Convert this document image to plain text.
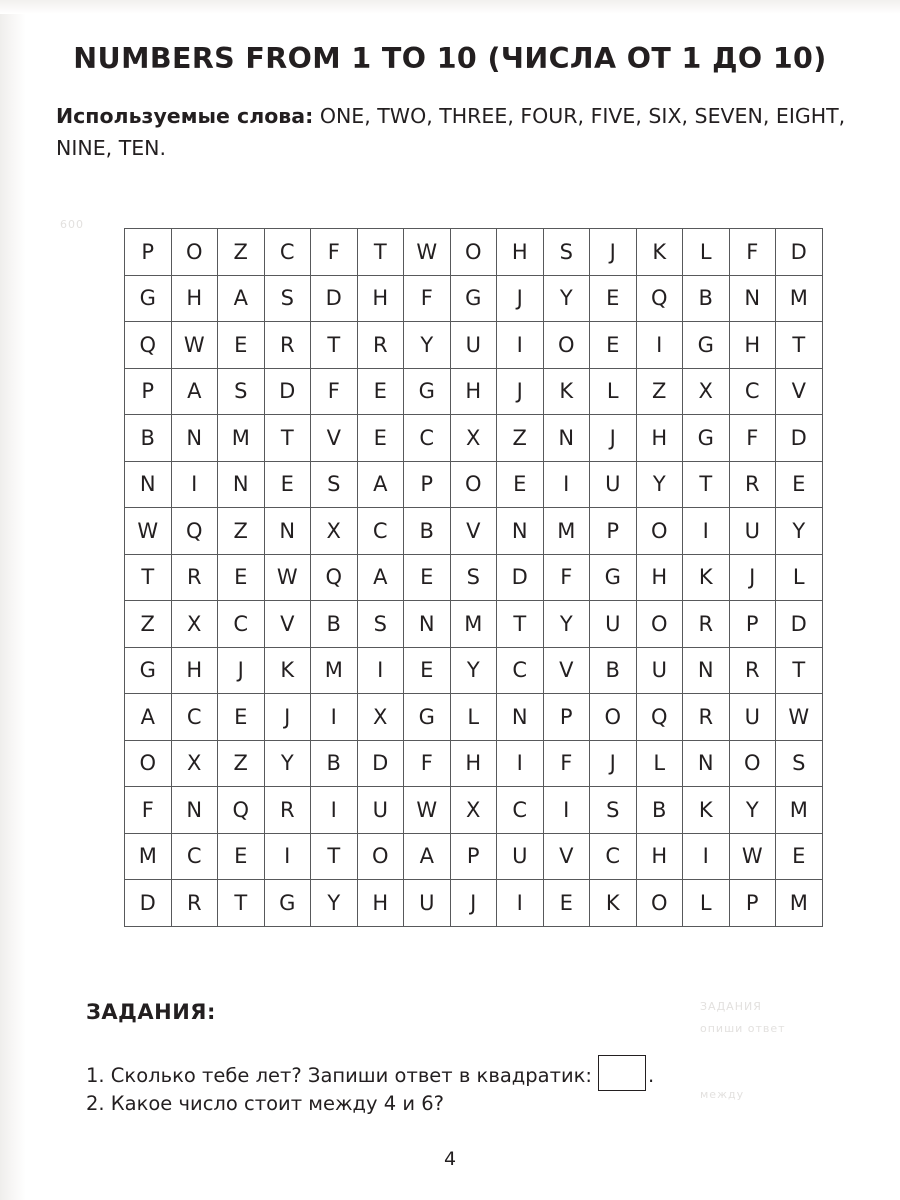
NUMBERS FROM 1 TO 10 (ЧИСЛА ОТ 1 ДО 10)
Используемые слова: ONE, TWO, THREE, FOUR, FIVE, SIX, SEVEN, EIGHT, NINE, TEN.
600
ЗАДАНИЯ
опиши ответ
между
P	O	Z	C	F	T	W	O	H	S	J	K	L	F	D
G	H	A	S	D	H	F	G	J	Y	E	Q	B	N	M
Q	W	E	R	T	R	Y	U	I	O	E	I	G	H	T
P	A	S	D	F	E	G	H	J	K	L	Z	X	C	V
B	N	M	T	V	E	C	X	Z	N	J	H	G	F	D
N	I	N	E	S	A	P	O	E	I	U	Y	T	R	E
W	Q	Z	N	X	C	B	V	N	M	P	O	I	U	Y
T	R	E	W	Q	A	E	S	D	F	G	H	K	J	L
Z	X	C	V	B	S	N	M	T	Y	U	O	R	P	D
G	H	J	K	M	I	E	Y	C	V	B	U	N	R	T
A	C	E	J	I	X	G	L	N	P	O	Q	R	U	W
O	X	Z	Y	B	D	F	H	I	F	J	L	N	O	S
F	N	Q	R	I	U	W	X	C	I	S	B	K	Y	M
M	C	E	I	T	O	A	P	U	V	C	H	I	W	E
D	R	T	G	Y	H	U	J	I	E	K	O	L	P	M
ЗАДАНИЯ:
1. Сколько тебе лет? Запиши ответ в квадратик:	.
2. Какое число стоит между 4 и 6?
4
